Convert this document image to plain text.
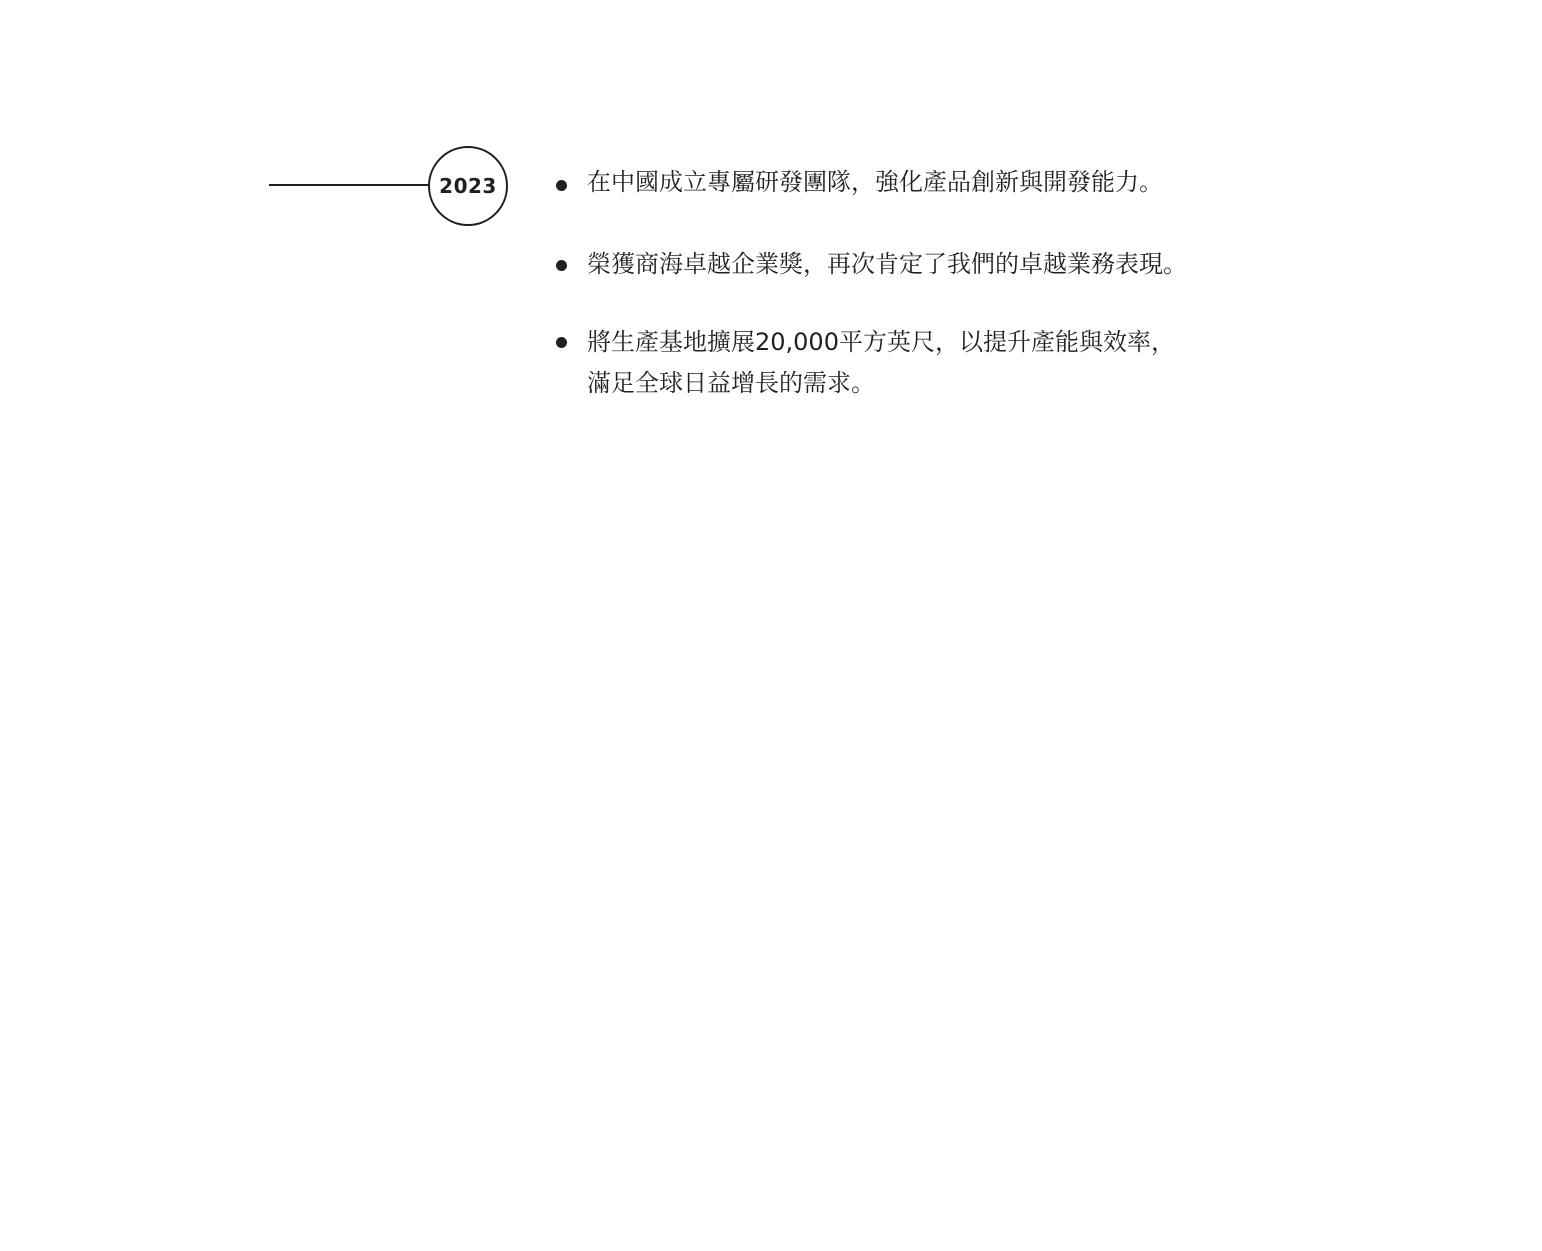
2023	在中國成立專屬研發團隊，強化產品創新與開發能力。
榮獲商海卓越企業獎，再次肯定了我們的卓越業務表現。
將生產基地擴展20,000平方英尺，以提升產能與效率，
滿足全球日益增長的需求。
